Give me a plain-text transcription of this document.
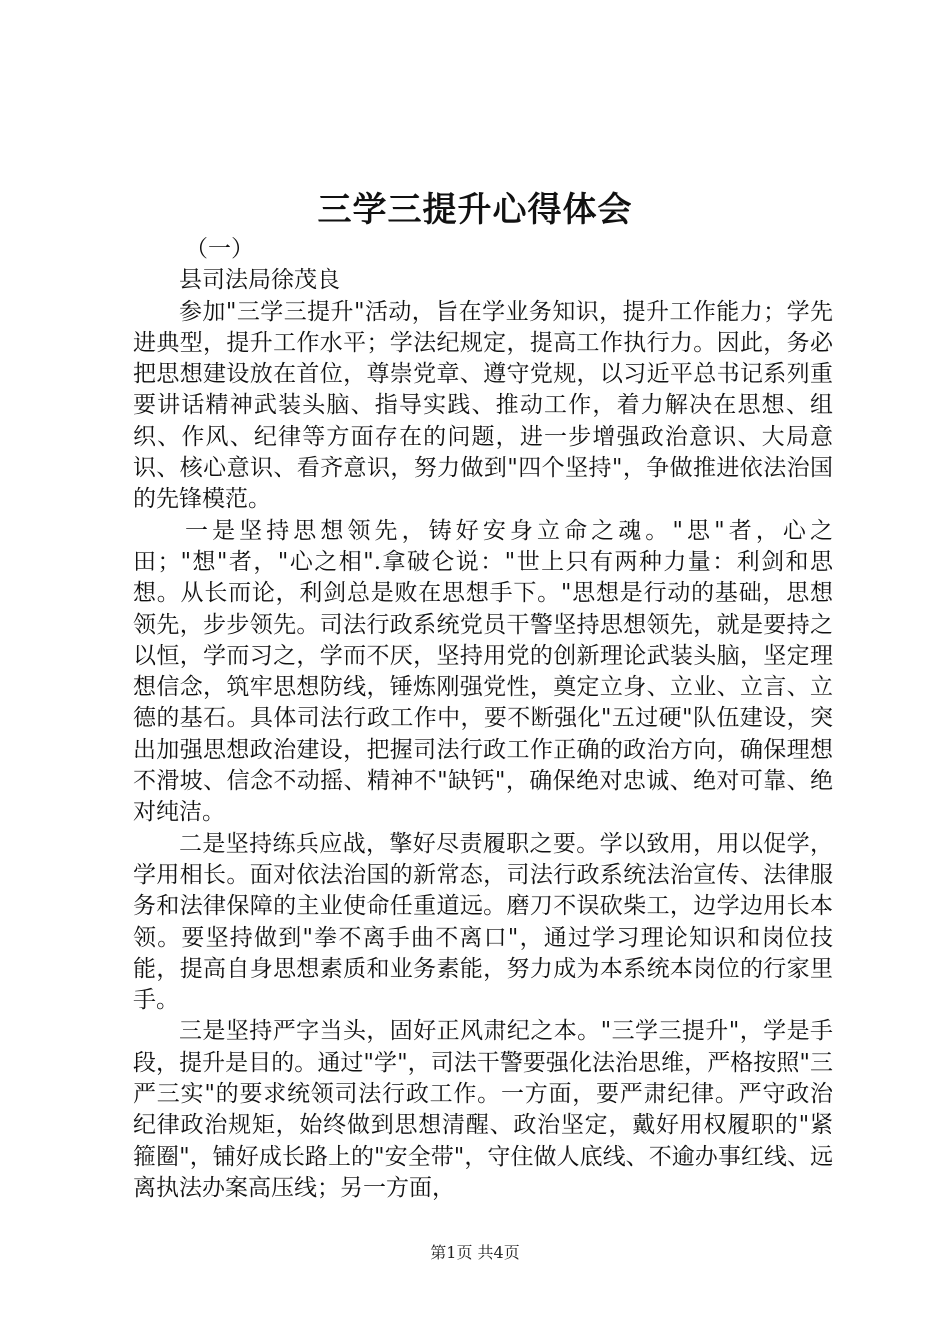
三学三提升心得体会

（一）

县司法局徐茂良

参加"三学三提升"活动，旨在学业务知识，提升工作能力；学先进典型，提升工作水平；学法纪规定，提高工作执行力。因此，务必把思想建设放在首位，尊崇党章、遵守党规，以习近平总书记系列重要讲话精神武装头脑、指导实践、推动工作，着力解决在思想、组织、作风、纪律等方面存在的问题，进一步增强政治意识、大局意识、核心意识、看齐意识，努力做到"四个坚持"，争做推进依法治国的先锋模范。

一是坚持思想领先，铸好安身立命之魂。"思"者，心之田；"想"者，"心之相".拿破仑说："世上只有两种力量：利剑和思想。从长而论，利剑总是败在思想手下。"思想是行动的基础，思想领先，步步领先。司法行政系统党员干警坚持思想领先，就是要持之以恒，学而习之，学而不厌，坚持用党的创新理论武装头脑，坚定理想信念，筑牢思想防线，锤炼刚强党性，奠定立身、立业、立言、立德的基石。具体司法行政工作中，要不断强化"五过硬"队伍建设，突出加强思想政治建设，把握司法行政工作正确的政治方向，确保理想不滑坡、信念不动摇、精神不"缺钙"，确保绝对忠诚、绝对可靠、绝对纯洁。

二是坚持练兵应战，擎好尽责履职之要。学以致用，用以促学，学用相长。面对依法治国的新常态，司法行政系统法治宣传、法律服务和法律保障的主业使命任重道远。磨刀不误砍柴工，边学边用长本领。要坚持做到"拳不离手曲不离口"，通过学习理论知识和岗位技能，提高自身思想素质和业务素能，努力成为本系统本岗位的行家里手。

三是坚持严字当头，固好正风肃纪之本。"三学三提升"，学是手段，提升是目的。通过"学"，司法干警要强化法治思维，严格按照"三严三实"的要求统领司法行政工作。一方面，要严肃纪律。严守政治纪律政治规矩，始终做到思想清醒、政治坚定，戴好用权履职的"紧箍圈"，铺好成长路上的"安全带"，守住做人底线、不逾办事红线、远离执法办案高压线；另一方面，

第1页 共4页
